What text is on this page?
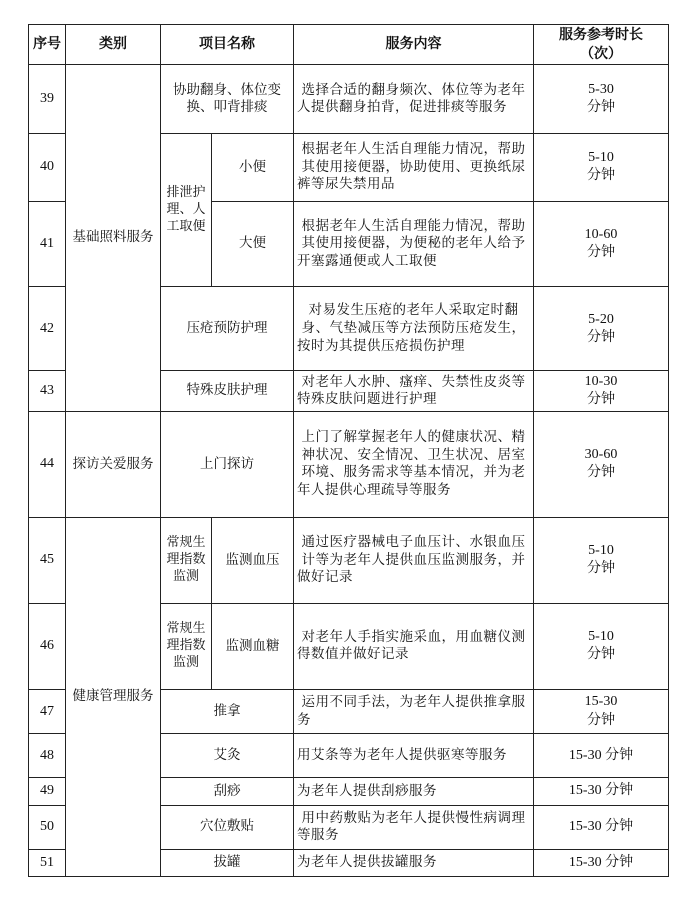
序号	类别	项目名称		服务内容	服务参考时长
（次）

39	基础照料服务	协助翻身、体位变换、叩背排痰		选择合适的翻身频次、体位等为老年人提供翻身拍背，促进排痰等服务	5-30
分钟

40		排泄护理、人工取便	小便	根据老年人生活自理能力情况，帮助其使用接便器，协助使用、更换纸尿裤等尿失禁用品	5-10
分钟

41			大便	根据老年人生活自理能力情况，帮助其使用接便器，为便秘的老年人给予开塞露通便或人工取便	10-60
分钟

42		压疮预防护理		对易发生压疮的老年人采取定时翻身、气垫减压等方法预防压疮发生，按时为其提供压疮损伤护理	5-20
分钟

43		特殊皮肤护理		对老年人水肿、瘙痒、失禁性皮炎等特殊皮肤问题进行护理	10-30
分钟

44	探访关爱服务	上门探访		上门了解掌握老年人的健康状况、精神状况、安全情况、卫生状况、居室环境、服务需求等基本情况，并为老年人提供心理疏导等服务	30-60
分钟

45	健康管理服务	常规生理指数监测	监测血压	通过医疗器械电子血压计、水银血压计等为老年人提供血压监测服务，并做好记录	5-10
分钟

46		常规生理指数监测	监测血糖	对老年人手指实施采血，用血糖仪测得数值并做好记录	5-10
分钟

47		推拿		运用不同手法，为老年人提供推拿服务	15-30
分钟

48		艾灸		用艾条等为老年人提供驱寒等服务	15-30 分钟
49		刮痧		为老年人提供刮痧服务	15-30 分钟
50		穴位敷贴		用中药敷贴为老年人提供慢性病调理等服务	15-30 分钟
51		拔罐		为老年人提供拔罐服务	15-30 分钟
